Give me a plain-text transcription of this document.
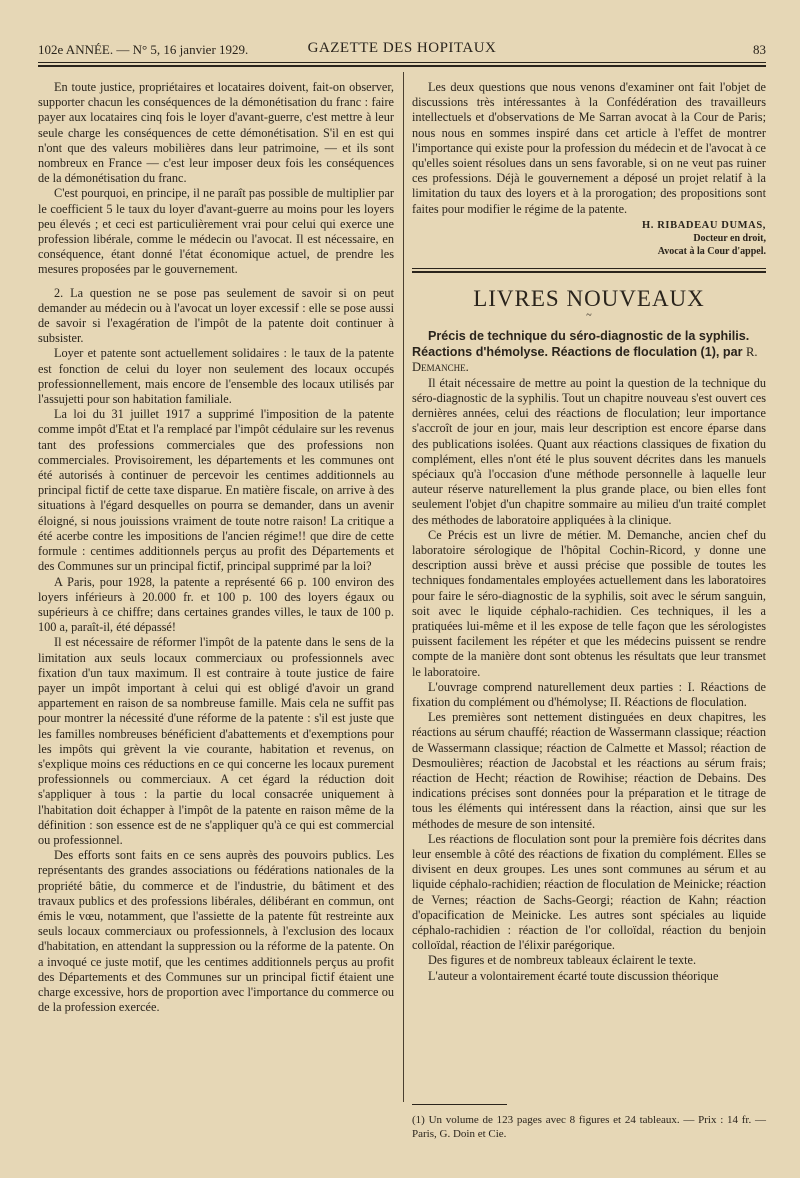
102e ANNÉE. — N° 5, 16 janvier 1929.	GAZETTE DES HOPITAUX	83

En toute justice, propriétaires et locataires doivent, fait-on observer, supporter chacun les conséquences de la démonétisation du franc : faire payer aux locataires cinq fois le loyer d'avant-guerre, c'est mettre à leur seule charge les conséquences de cette démonétisation. S'il en est qui n'ont que des valeurs mobilières dans leur patrimoine, — et ils sont nombreux en France — c'est leur imposer deux fois les conséquences de la démonétisation du franc.

C'est pourquoi, en principe, il ne paraît pas possible de multiplier par le coefficient 5 le taux du loyer d'avant-guerre au moins pour les loyers peu élevés ; et ceci est particulièrement vrai pour celui qui exerce une profession libérale, comme le médecin ou l'avocat. Il est nécessaire, en conséquence, étant donné l'état économique actuel, de prendre les mesures proposées par le gouvernement.

2. La question ne se pose pas seulement de savoir si on peut demander au médecin ou à l'avocat un loyer excessif : elle se pose aussi de savoir si l'exagération de l'impôt de la patente doit continuer à subsister.

Loyer et patente sont actuellement solidaires : le taux de la patente est fonction de celui du loyer non seulement des locaux occupés professionnellement, mais encore de l'ensemble des locaux utilisés par l'assujetti pour son habitation familiale.

La loi du 31 juillet 1917 a supprimé l'imposition de la patente comme impôt d'Etat et l'a remplacé par l'impôt cédulaire sur les revenus tant des professions commerciales que des professions non commerciales. Provisoirement, les départements et les communes ont été autorisés à continuer de percevoir les centimes additionnels au principal fictif de cette taxe disparue. En matière fiscale, on arrive à des situations à l'égard desquelles on pourra se demander, dans un avenir éloigné, si nous jouissions vraiment de toute notre raison! La critique a été acerbe contre les impositions de l'ancien régime!! que dire de cette formule : centimes additionnels perçus au profit des Départements et des Communes sur un principal fictif, principal supprimé par la loi?

A Paris, pour 1928, la patente a représenté 66 p. 100 environ des loyers inférieurs à 20.000 fr. et 100 p. 100 des loyers égaux ou supérieurs à ce chiffre; dans certaines grandes villes, le taux de 100 p. 100 a, paraît-il, été dépassé!

Il est nécessaire de réformer l'impôt de la patente dans le sens de la limitation aux seuls locaux commerciaux ou professionnels avec fixation d'un taux maximum. Il est contraire à toute justice de faire payer un impôt important à celui qui est obligé d'avoir un grand appartement en raison de sa nombreuse famille. Mais cela ne suffit pas pour montrer la nécessité d'une réforme de la patente : s'il est juste que les familles nombreuses bénéficient d'abattements et d'exemptions pour les impôts qui grèvent la vie courante, habitation et revenus, on s'explique moins ces réductions en ce qui concerne les locaux purement professionnels ou commerciaux. A cet égard la réduction doit s'appliquer à tous : la partie du local consacrée uniquement à l'habitation doit échapper à l'impôt de la patente en raison même de la définition : son essence est de ne s'appliquer qu'à ce qui est commercial ou professionnel.

Des efforts sont faits en ce sens auprès des pouvoirs publics. Les représentants des grandes associations ou fédérations nationales de la propriété bâtie, du commerce et de l'industrie, du bâtiment et des travaux publics et des professions libérales, délibérant en commun, ont émis le vœu, notamment, que l'assiette de la patente fût restreinte aux seuls locaux commerciaux ou professionnels, à l'exclusion des locaux d'habitation, en attendant la suppression ou la réforme de la patente. On a invoqué ce juste motif, que les centimes additionnels perçus au profit des Départements et des Communes sur un principal fictif étaient une charge excessive, hors de proportion avec l'importance du commerce ou de la profession exercée.

Les deux questions que nous venons d'examiner ont fait l'objet de discussions très intéressantes à la Confédération des travailleurs intellectuels et d'observations de Me Sarran avocat à la Cour de Paris; nous nous en sommes inspiré dans cet article à l'effet de montrer l'importance qui existe pour la profession du médecin et de l'avocat à ce qu'elles soient résolues dans un sens favorable, si on ne veut pas ruiner ces professions. Déjà le gouvernement a déposé un projet relatif à la limitation du taux des loyers et à la prorogation; des propositions sont faites pour modifier le régime de la patente.

H. RIBADEAU DUMAS,
Docteur en droit,
Avocat à la Cour d'appel.
LIVRES NOUVEAUX
~

Précis de technique du séro-diagnostic de la syphilis. Réactions d'hémolyse. Réactions de floculation (1), par R. Demanche.

Il était nécessaire de mettre au point la question de la technique du séro-diagnostic de la syphilis. Tout un chapitre nouveau s'est ouvert ces dernières années, celui des réactions de floculation; leur importance s'accroît de jour en jour, mais leur description est encore éparse dans des publications isolées. Quant aux réactions classiques de fixation du complément, elles n'ont été le plus souvent décrites dans les manuels spéciaux qu'à l'occasion d'une méthode personnelle à laquelle leur auteur réserve naturellement la plus grande place, ou bien elles font seulement l'objet d'un chapitre sommaire au milieu d'un traité complet des méthodes de laboratoire appliquées à la clinique.

Ce Précis est un livre de métier. M. Demanche, ancien chef du laboratoire sérologique de l'hôpital Cochin-Ricord, y donne une description aussi brève et aussi précise que possible de toutes les techniques fondamentales employées actuellement dans les laboratoires pour faire le séro-diagnostic de la syphilis, soit avec le sérum sanguin, soit avec le liquide céphalo-rachidien. Ces techniques, il les a pratiquées lui-même et il les expose de telle façon que les sérologistes puissent facilement les répéter et que les médecins puissent se rendre compte de la manière dont sont obtenus les résultats que leur transmet le laboratoire.

L'ouvrage comprend naturellement deux parties : I. Réactions de fixation du complément ou d'hémolyse; II. Réactions de floculation.

Les premières sont nettement distinguées en deux chapitres, les réactions au sérum chauffé; réaction de Wassermann classique; réaction de Wassermann classique; réaction de Calmette et Massol; réaction de Desmoulières; réaction de Jacobstal et les réactions au sérum frais; réaction de Hecht; réaction de Rowihise; réaction de Debains. Des indications précises sont données pour la préparation et le titrage de tous les éléments qui intéressent dans la réaction, ainsi que sur les méthodes de mesure de son intensité.

Les réactions de floculation sont pour la première fois décrites dans leur ensemble à côté des réactions de fixation du complément. Elles se divisent en deux groupes. Les unes sont communes au sérum et au liquide céphalo-rachidien; réaction de floculation de Meinicke; réaction de Vernes; réaction de Sachs-Georgi; réaction de Kahn; réaction d'opacification de Meinicke. Les autres sont spéciales au liquide céphalo-rachidien : réaction de l'or colloïdal, réaction du benjoin colloïdal, réaction de l'élixir parégorique.

Des figures et de nombreux tableaux éclairent le texte.

L'auteur a volontairement écarté toute discussion théorique

(1) Un volume de 123 pages avec 8 figures et 24 tableaux. — Prix : 14 fr. — Paris, G. Doin et Cie.
